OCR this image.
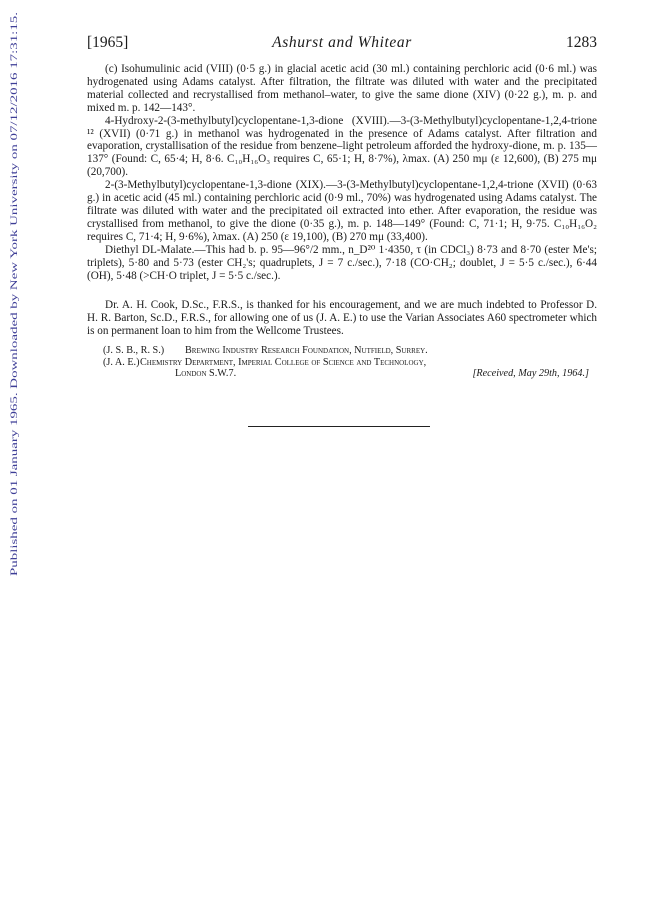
Published on 01 January 1965. Downloaded by New York University on 07/12/2016 17:31:15.
[1965]	Ashurst and Whitear	1283

(c) Isohumulinic acid (VIII) (0·5 g.) in glacial acetic acid (30 ml.) containing perchloric acid (0·6 ml.) was hydrogenated using Adams catalyst. After filtration, the filtrate was diluted with water and the precipitated material collected and recrystallised from methanol–water, to give the same dione (XIV) (0·22 g.), m. p. and mixed m. p. 142—143°.

4-Hydroxy-2-(3-methylbutyl)cyclopentane-1,3-dione (XVIII).—3-(3-Methylbutyl)cyclopentane-1,2,4-trione ¹² (XVII) (0·71 g.) in methanol was hydrogenated in the presence of Adams catalyst. After filtration and evaporation, crystallisation of the residue from benzene–light petroleum afforded the hydroxy-dione, m. p. 135—137° (Found: C, 65·4; H, 8·6. C₁₀H₁₆O₃ requires C, 65·1; H, 8·7%), λmax. (A) 250 mμ (ε 12,600), (B) 275 mμ (20,700).

2-(3-Methylbutyl)cyclopentane-1,3-dione (XIX).—3-(3-Methylbutyl)cyclopentane-1,2,4-trione (XVII) (0·63 g.) in acetic acid (45 ml.) containing perchloric acid (0·9 ml., 70%) was hydrogenated using Adams catalyst. The filtrate was diluted with water and the precipitated oil extracted into ether. After evaporation, the residue was crystallised from methanol, to give the dione (0·35 g.), m. p. 148—149° (Found: C, 71·1; H, 9·75. C₁₀H₁₆O₂ requires C, 71·4; H, 9·6%), λmax. (A) 250 (ε 19,100), (B) 270 mμ (33,400).

Diethyl DL-Malate.—This had b. p. 95—96°/2 mm., n_D²⁰ 1·4350, τ (in CDCl₃) 8·73 and 8·70 (ester Me's; triplets), 5·80 and 5·73 (ester CH₂'s; quadruplets, J = 7 c./sec.), 7·18 (CO·CH₂; doublet, J = 5·5 c./sec.), 6·44 (OH), 5·48 (>CH·O triplet, J = 5·5 c./sec.).

Dr. A. H. Cook, D.Sc., F.R.S., is thanked for his encouragement, and we are much indebted to Professor D. H. R. Barton, Sc.D., F.R.S., for allowing one of us (J. A. E.) to use the Varian Associates A60 spectrometer which is on permanent loan to him from the Wellcome Trustees.

(J. S. B., R. S.) Brewing Industry Research Foundation, Nutfield, Surrey.
(J. A. E.) Chemistry Department, Imperial College of Science and Technology,
London S.W.7.	[Received, May 29th, 1964.]
